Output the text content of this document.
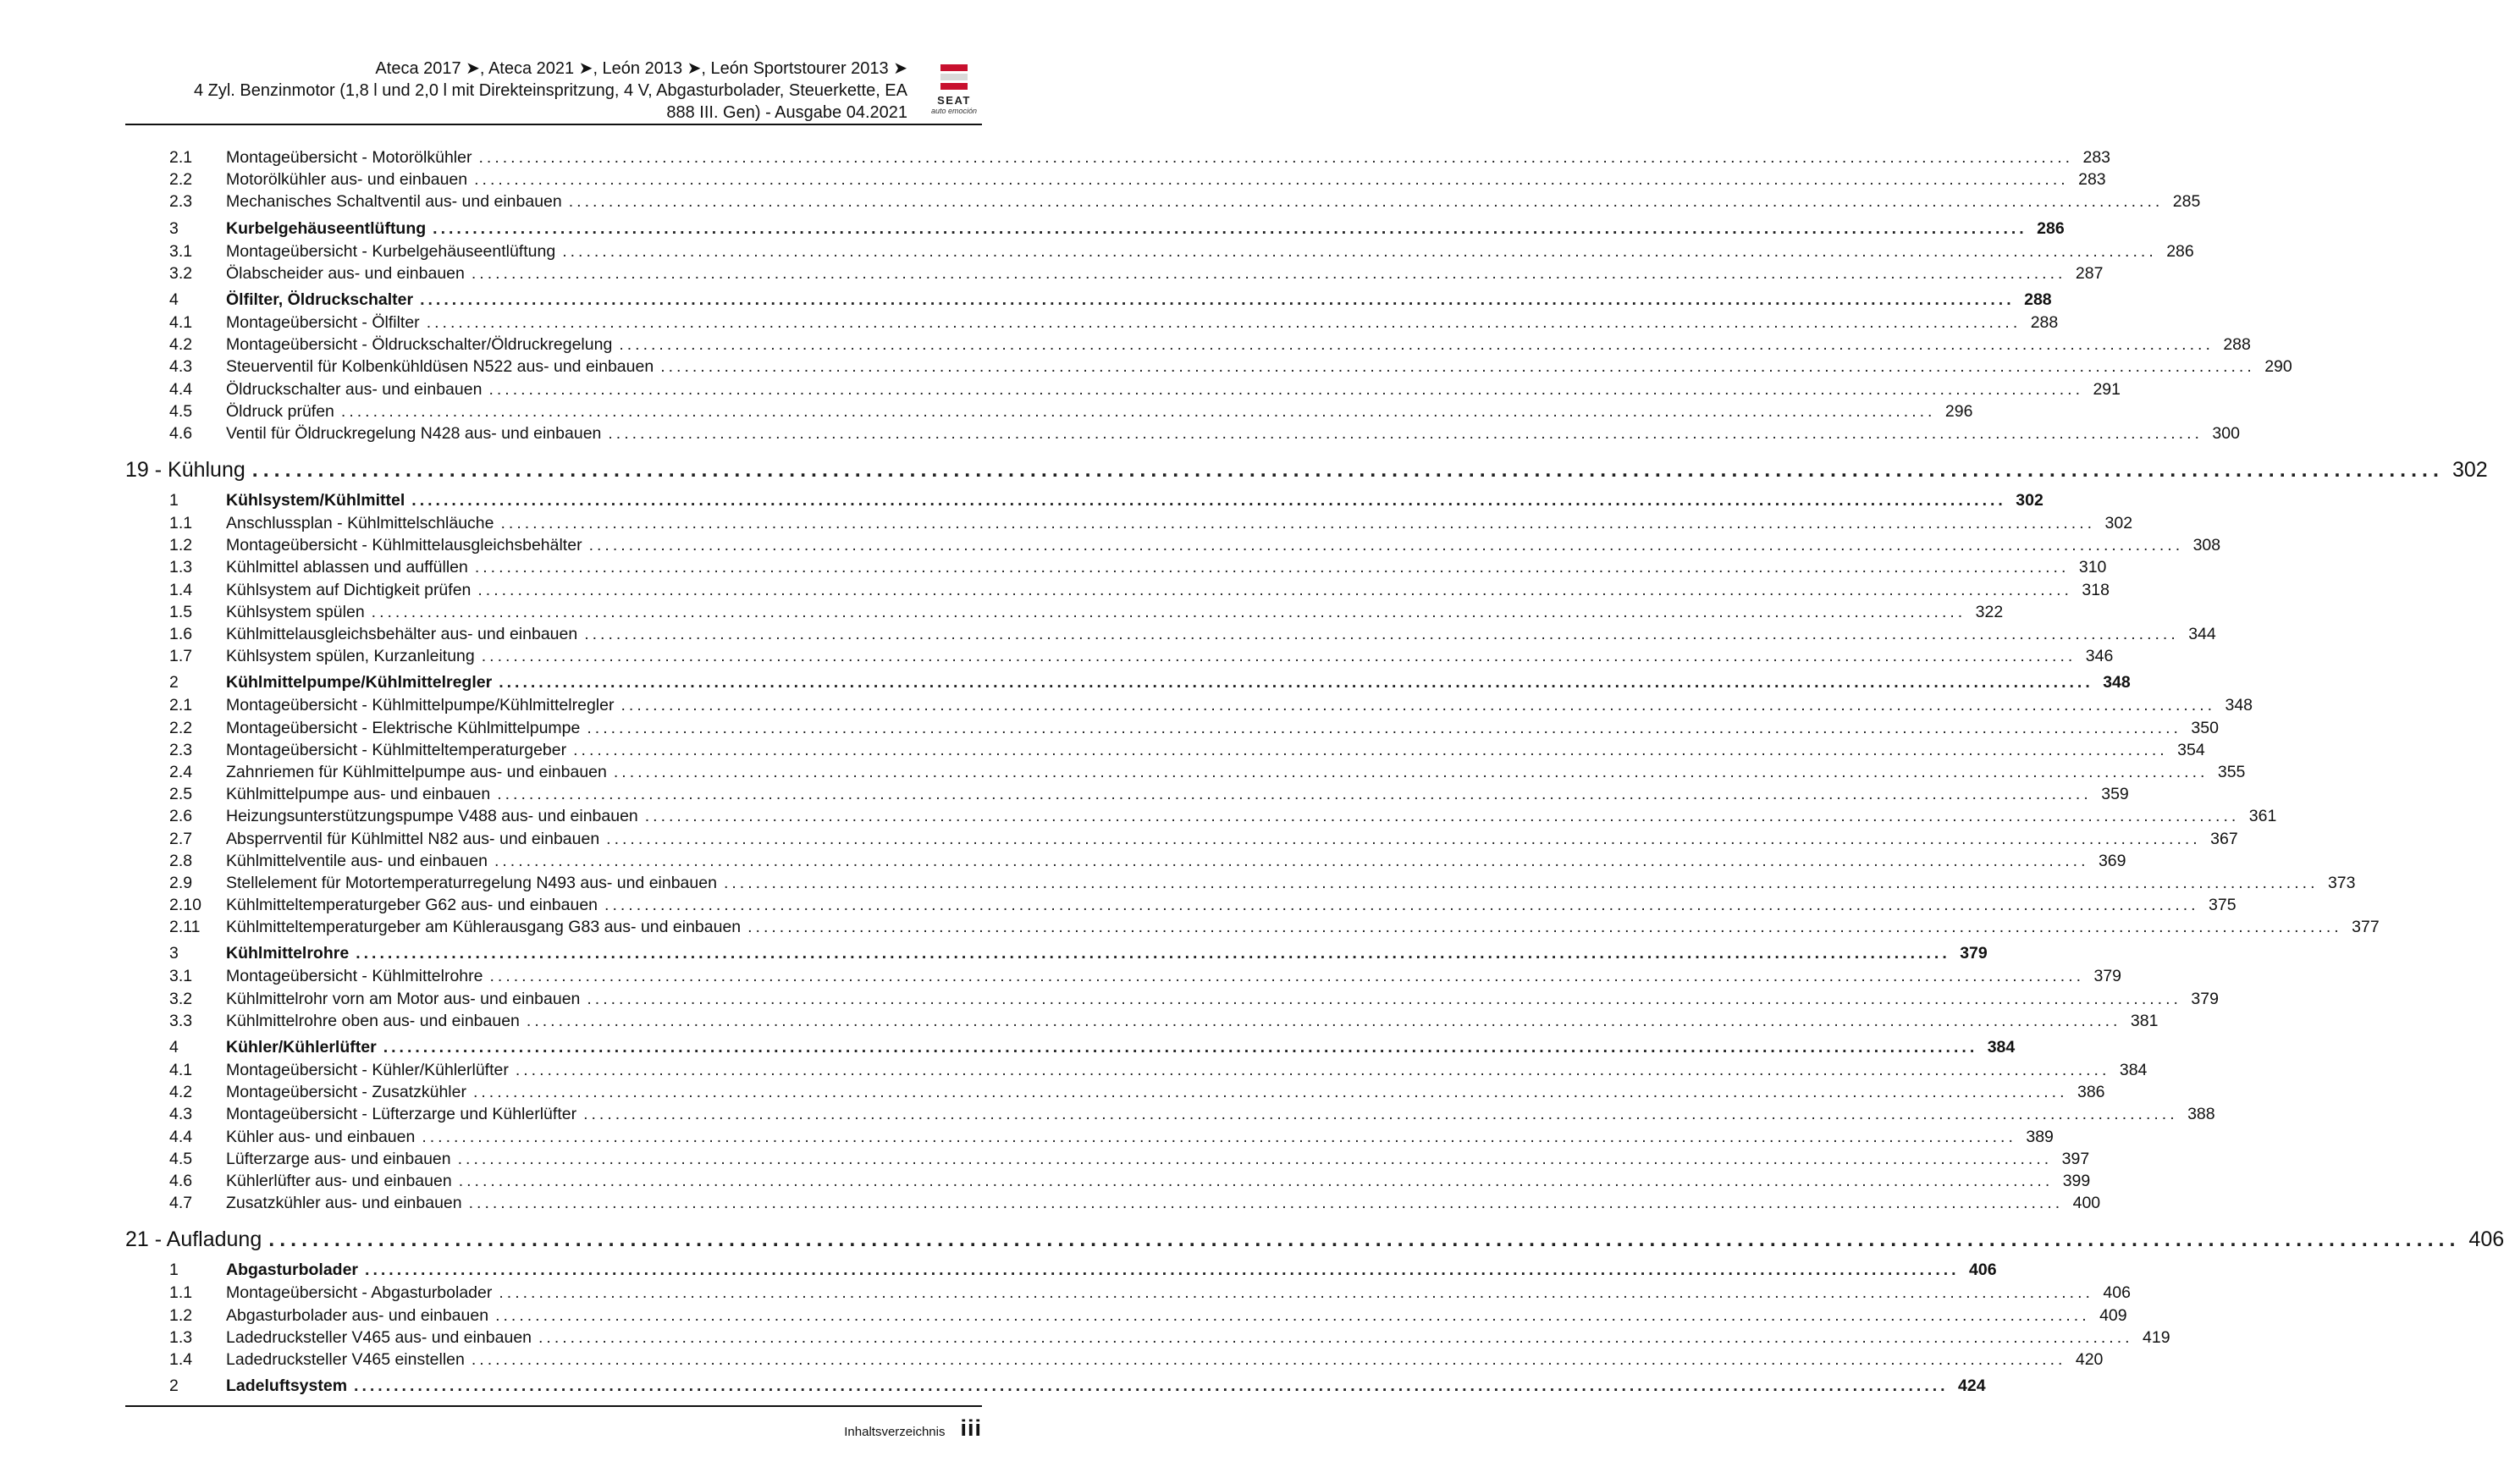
Ateca 2017 ➤, Ateca 2021 ➤, León 2013 ➤, León Sportstourer 2013 ➤
4 Zyl. Benzinmotor (1,8 l und 2,0 l mit Direkteinspritzung, 4 V, Abgasturbolader, Steuerkette, EA
888 III. Gen) - Ausgabe 04.2021
SEAT
auto emoción
2.1 Montageübersicht - Motorölkühler ........................................................................................................................................................................................................ 283
2.2 Motorölkühler aus- und einbauen ........................................................................................................................................................................................................ 283
2.3 Mechanisches Schaltventil aus- und einbauen ........................................................................................................................................................................................................ 285
3	Kurbelgehäuseentlüftung ........................................................................................................................................................................................................ 286
3.1 Montageübersicht - Kurbelgehäuseentlüftung ........................................................................................................................................................................................................ 286
3.2 Ölabscheider aus- und einbauen ........................................................................................................................................................................................................ 287
4	Ölfilter, Öldruckschalter ........................................................................................................................................................................................................ 288
4.1 Montageübersicht - Ölfilter ........................................................................................................................................................................................................ 288
4.2 Montageübersicht - Öldruckschalter/Öldruckregelung ........................................................................................................................................................................................................ 288
4.3 Steuerventil für Kolbenkühldüsen N522 aus- und einbauen ........................................................................................................................................................................................................ 290
4.4 Öldruckschalter aus- und einbauen ........................................................................................................................................................................................................ 291
4.5 Öldruck prüfen ........................................................................................................................................................................................................ 296
4.6 Ventil für Öldruckregelung N428 aus- und einbauen ........................................................................................................................................................................................................ 300
19 - Kühlung ........................................................................................................................................................................................................ 302
1	Kühlsystem/Kühlmittel ........................................................................................................................................................................................................ 302
1.1 Anschlussplan - Kühlmittelschläuche ........................................................................................................................................................................................................ 302
1.2 Montageübersicht - Kühlmittelausgleichsbehälter ........................................................................................................................................................................................................ 308
1.3 Kühlmittel ablassen und auffüllen ........................................................................................................................................................................................................ 310
1.4 Kühlsystem auf Dichtigkeit prüfen ........................................................................................................................................................................................................ 318
1.5 Kühlsystem spülen ........................................................................................................................................................................................................ 322
1.6 Kühlmittelausgleichsbehälter aus- und einbauen ........................................................................................................................................................................................................ 344
1.7 Kühlsystem spülen, Kurzanleitung ........................................................................................................................................................................................................ 346
2	Kühlmittelpumpe/Kühlmittelregler ........................................................................................................................................................................................................ 348
2.1 Montageübersicht - Kühlmittelpumpe/Kühlmittelregler ........................................................................................................................................................................................................ 348
2.2 Montageübersicht - Elektrische Kühlmittelpumpe ........................................................................................................................................................................................................ 350
2.3 Montageübersicht - Kühlmitteltemperaturgeber ........................................................................................................................................................................................................ 354
2.4 Zahnriemen für Kühlmittelpumpe aus- und einbauen ........................................................................................................................................................................................................ 355
2.5 Kühlmittelpumpe aus- und einbauen ........................................................................................................................................................................................................ 359
2.6 Heizungsunterstützungspumpe V488 aus- und einbauen ........................................................................................................................................................................................................ 361
2.7 Absperrventil für Kühlmittel N82 aus- und einbauen ........................................................................................................................................................................................................ 367
2.8 Kühlmittelventile aus- und einbauen ........................................................................................................................................................................................................ 369
2.9 Stellelement für Motortemperaturregelung N493 aus- und einbauen ........................................................................................................................................................................................................ 373
2.10 Kühlmitteltemperaturgeber G62 aus- und einbauen ........................................................................................................................................................................................................ 375
2.11 Kühlmitteltemperaturgeber am Kühlerausgang G83 aus- und einbauen ........................................................................................................................................................................................................ 377
3	Kühlmittelrohre ........................................................................................................................................................................................................ 379
3.1 Montageübersicht - Kühlmittelrohre ........................................................................................................................................................................................................ 379
3.2 Kühlmittelrohr vorn am Motor aus- und einbauen ........................................................................................................................................................................................................ 379
3.3 Kühlmittelrohre oben aus- und einbauen ........................................................................................................................................................................................................ 381
4	Kühler/Kühlerlüfter ........................................................................................................................................................................................................ 384
4.1 Montageübersicht - Kühler/Kühlerlüfter ........................................................................................................................................................................................................ 384
4.2 Montageübersicht - Zusatzkühler ........................................................................................................................................................................................................ 386
4.3 Montageübersicht - Lüfterzarge und Kühlerlüfter ........................................................................................................................................................................................................ 388
4.4 Kühler aus- und einbauen ........................................................................................................................................................................................................ 389
4.5 Lüfterzarge aus- und einbauen ........................................................................................................................................................................................................ 397
4.6 Kühlerlüfter aus- und einbauen ........................................................................................................................................................................................................ 399
4.7 Zusatzkühler aus- und einbauen ........................................................................................................................................................................................................ 400
21 - Aufladung ........................................................................................................................................................................................................ 406
1	Abgasturbolader ........................................................................................................................................................................................................ 406
1.1 Montageübersicht - Abgasturbolader ........................................................................................................................................................................................................ 406
1.2 Abgasturbolader aus- und einbauen ........................................................................................................................................................................................................ 409
1.3 Ladedrucksteller V465 aus- und einbauen ........................................................................................................................................................................................................ 419
1.4 Ladedrucksteller V465 einstellen ........................................................................................................................................................................................................ 420
2	Ladeluftsystem ........................................................................................................................................................................................................ 424
Inhaltsverzeichnis iii
